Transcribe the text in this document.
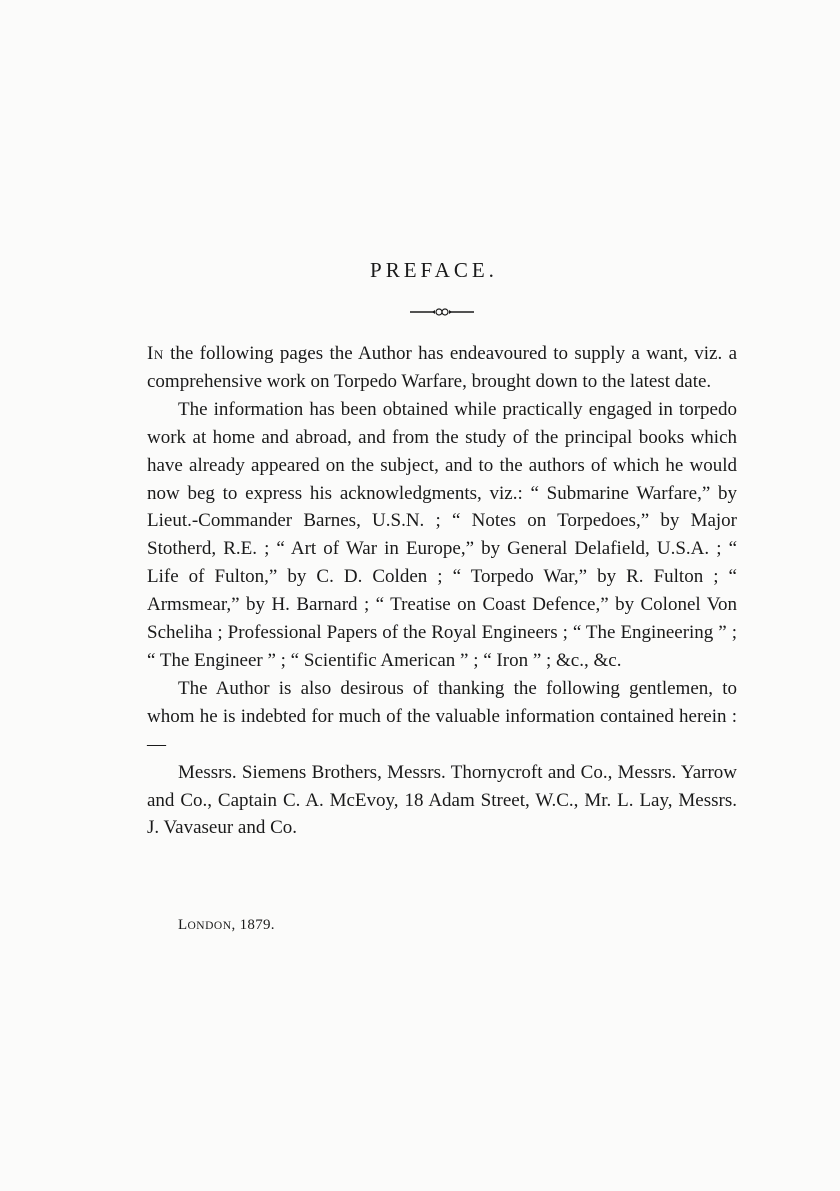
PREFACE.

In the following pages the Author has endeavoured to supply a want, viz. a comprehensive work on Torpedo Warfare, brought down to the latest date.

The information has been obtained while practically engaged in torpedo work at home and abroad, and from the study of the principal books which have already appeared on the subject, and to the authors of which he would now beg to express his acknowledgments, viz.: “ Submarine Warfare,” by Lieut.-Commander Barnes, U.S.N. ; “ Notes on Torpedoes,” by Major Stotherd, R.E. ; “ Art of War in Europe,” by General Delafield, U.S.A. ; “ Life of Fulton,” by C. D. Colden ; “ Torpedo War,” by R. Fulton ; “ Armsmear,” by H. Barnard ; “ Treatise on Coast Defence,” by Colonel Von Scheliha ; Professional Papers of the Royal Engineers ; “ The Engineering ” ; “ The Engineer ” ; “ Scientific American ” ; “ Iron ” ; &c., &c.

The Author is also desirous of thanking the following gentlemen, to whom he is indebted for much of the valuable information contained herein :—

Messrs. Siemens Brothers, Messrs. Thornycroft and Co., Messrs. Yarrow and Co., Captain C. A. McEvoy, 18 Adam Street, W.C., Mr. L. Lay, Messrs. J. Vavaseur and Co.

LONDON, 1879.
